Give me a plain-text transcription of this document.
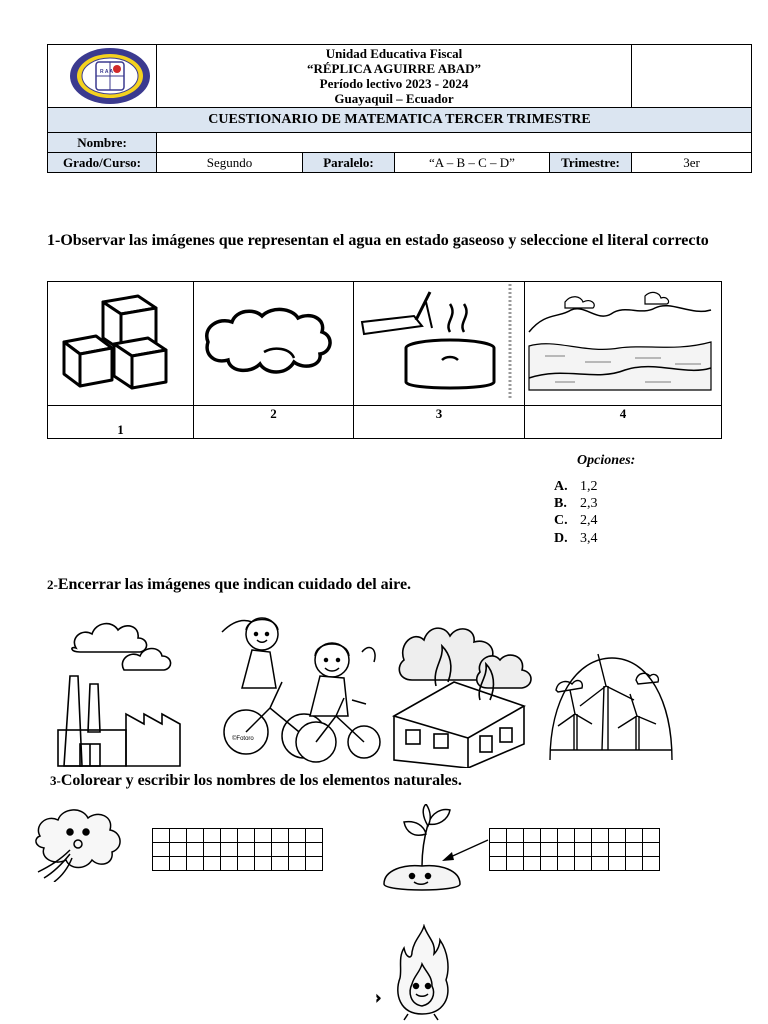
R A A	Unidad Educativa Fiscal
“RÉPLICA AGUIRRE ABAD”
Período lectivo 2023 - 2024
Guayaquil – Ecuador				

CUESTIONARIO DE MATEMATICA TERCER TRIMESTRE					
Nombre:					
Grado/Curso:	Segundo	Paralelo:	“A – B – C – D”	Trimestre:	3er
1-Observar las imágenes que representan el agua en estado gaseoso y seleccione el literal correcto

1	2	3	4
Opciones:
A. 1,2
B. 2,3
C. 2,4
D. 3,4
2-Encerrar las imágenes que indican cuidado del aire.
©Fotoro
3-Colorear y escribir los nombres de los elementos naturales.

›
